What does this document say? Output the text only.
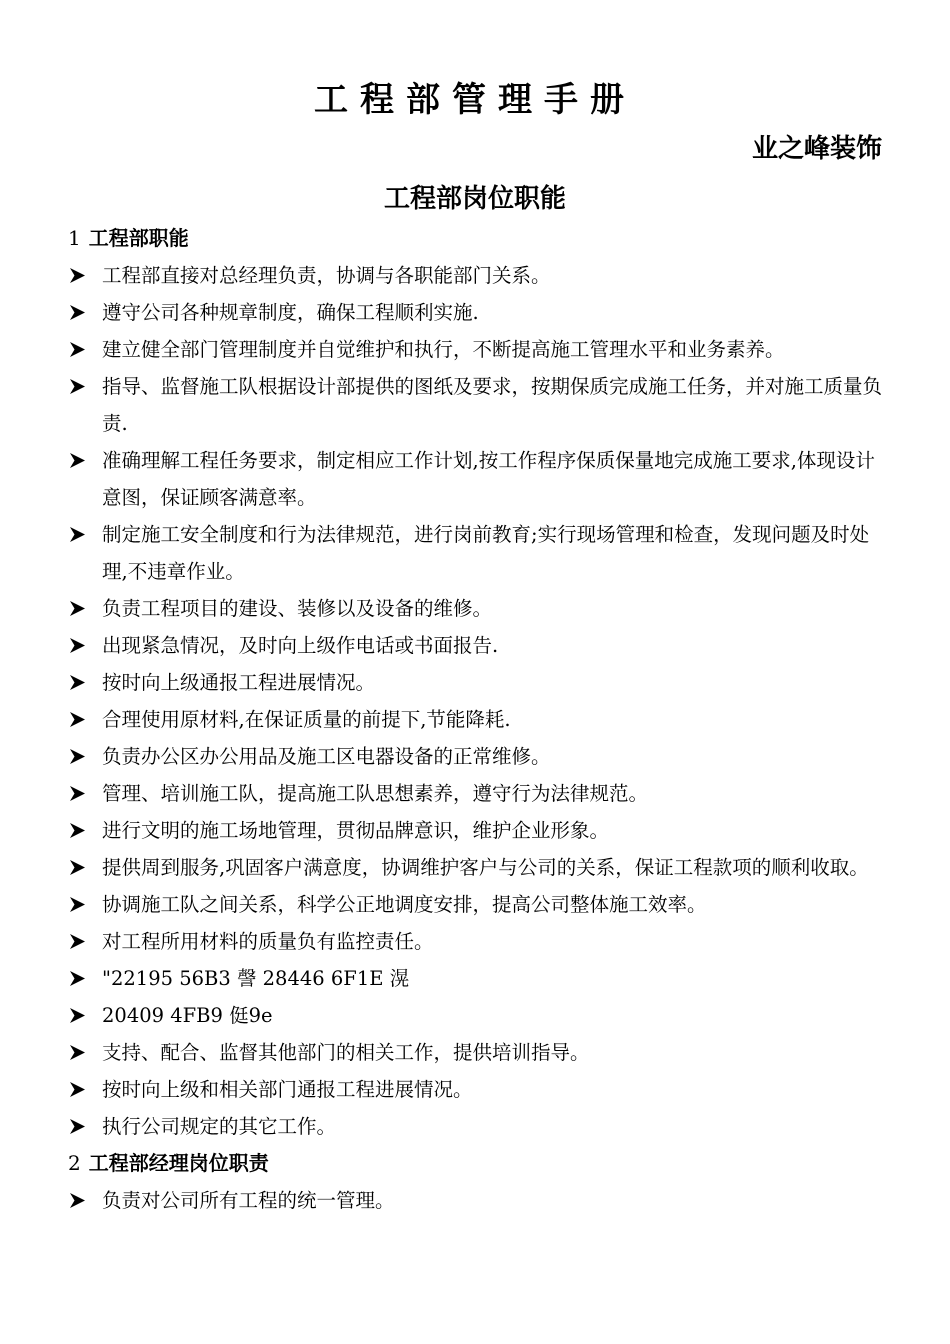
工程部管理手册
业之峰装饰
工程部岗位职能
1 工程部职能
工程部直接对总经理负责，协调与各职能部门关系。
遵守公司各种规章制度，确保工程顺利实施.
建立健全部门管理制度并自觉维护和执行，不断提高施工管理水平和业务素养。
指导、监督施工队根据设计部提供的图纸及要求，按期保质完成施工任务，并对施工质量负责.
准确理解工程任务要求，制定相应工作计划,按工作程序保质保量地完成施工要求,体现设计意图，保证顾客满意率。
制定施工安全制度和行为法律规范，进行岗前教育;实行现场管理和检查，发现问题及时处理,不违章作业。
负责工程项目的建设、装修以及设备的维修。
出现紧急情况，及时向上级作电话或书面报告.
按时向上级通报工程进展情况。
合理使用原材料,在保证质量的前提下,节能降耗.
负责办公区办公用品及施工区电器设备的正常维修。
管理、培训施工队，提高施工队思想素养，遵守行为法律规范。
进行文明的施工场地管理，贯彻品牌意识，维护企业形象。
提供周到服务,巩固客户满意度，协调维护客户与公司的关系，保证工程款项的顺利收取。
协调施工队之间关系，科学公正地调度安排，提高公司整体施工效率。
对工程所用材料的质量负有监控责任。
"22195 56B3 謦 28446 6F1E 滉
20409 4FB9 侹9e
支持、配合、监督其他部门的相关工作，提供培训指导。
按时向上级和相关部门通报工程进展情况。
执行公司规定的其它工作。
2 工程部经理岗位职责
负责对公司所有工程的统一管理。
